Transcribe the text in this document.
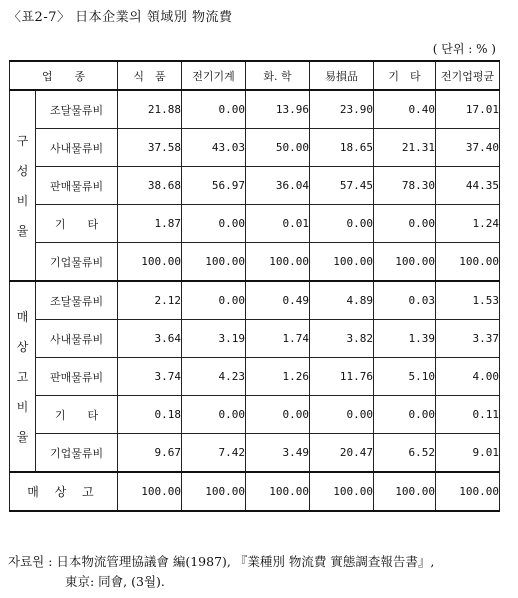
〈표2-7〉 日本企業의 領域別 物流費
( 단위 : % )
업　　종		식　품	전기기계	화. 학	易損品	기　타	전기업평균
구성비율	조달물류비	21.88	0.00	13.96	23.90	0.40	17.01
	사내물류비	37.58	43.03	50.00	18.65	21.31	37.40
	판매물류비	38.68	56.97	36.04	57.45	78.30	44.35
	기　　타	1.87	0.00	0.01	0.00	0.00	1.24
	기업물류비	100.00	100.00	100.00	100.00	100.00	100.00
매상고비율	조달물류비	2.12	0.00	0.49	4.89	0.03	1.53
	사내물류비	3.64	3.19	1.74	3.82	1.39	3.37
	판매물류비	3.74	4.23	1.26	11.76	5.10	4.00
	기　　타	0.18	0.00	0.00	0.00	0.00	0.11
	기업물류비	9.67	7.42	3.49	20.47	6.52	9.01
매 상 고		100.00	100.00	100.00	100.00	100.00	100.00
자료원 : 日本物流管理協議會 編(1987), 『業種別 物流費 實態調查報告書』,
東京: 同會, (3월).
